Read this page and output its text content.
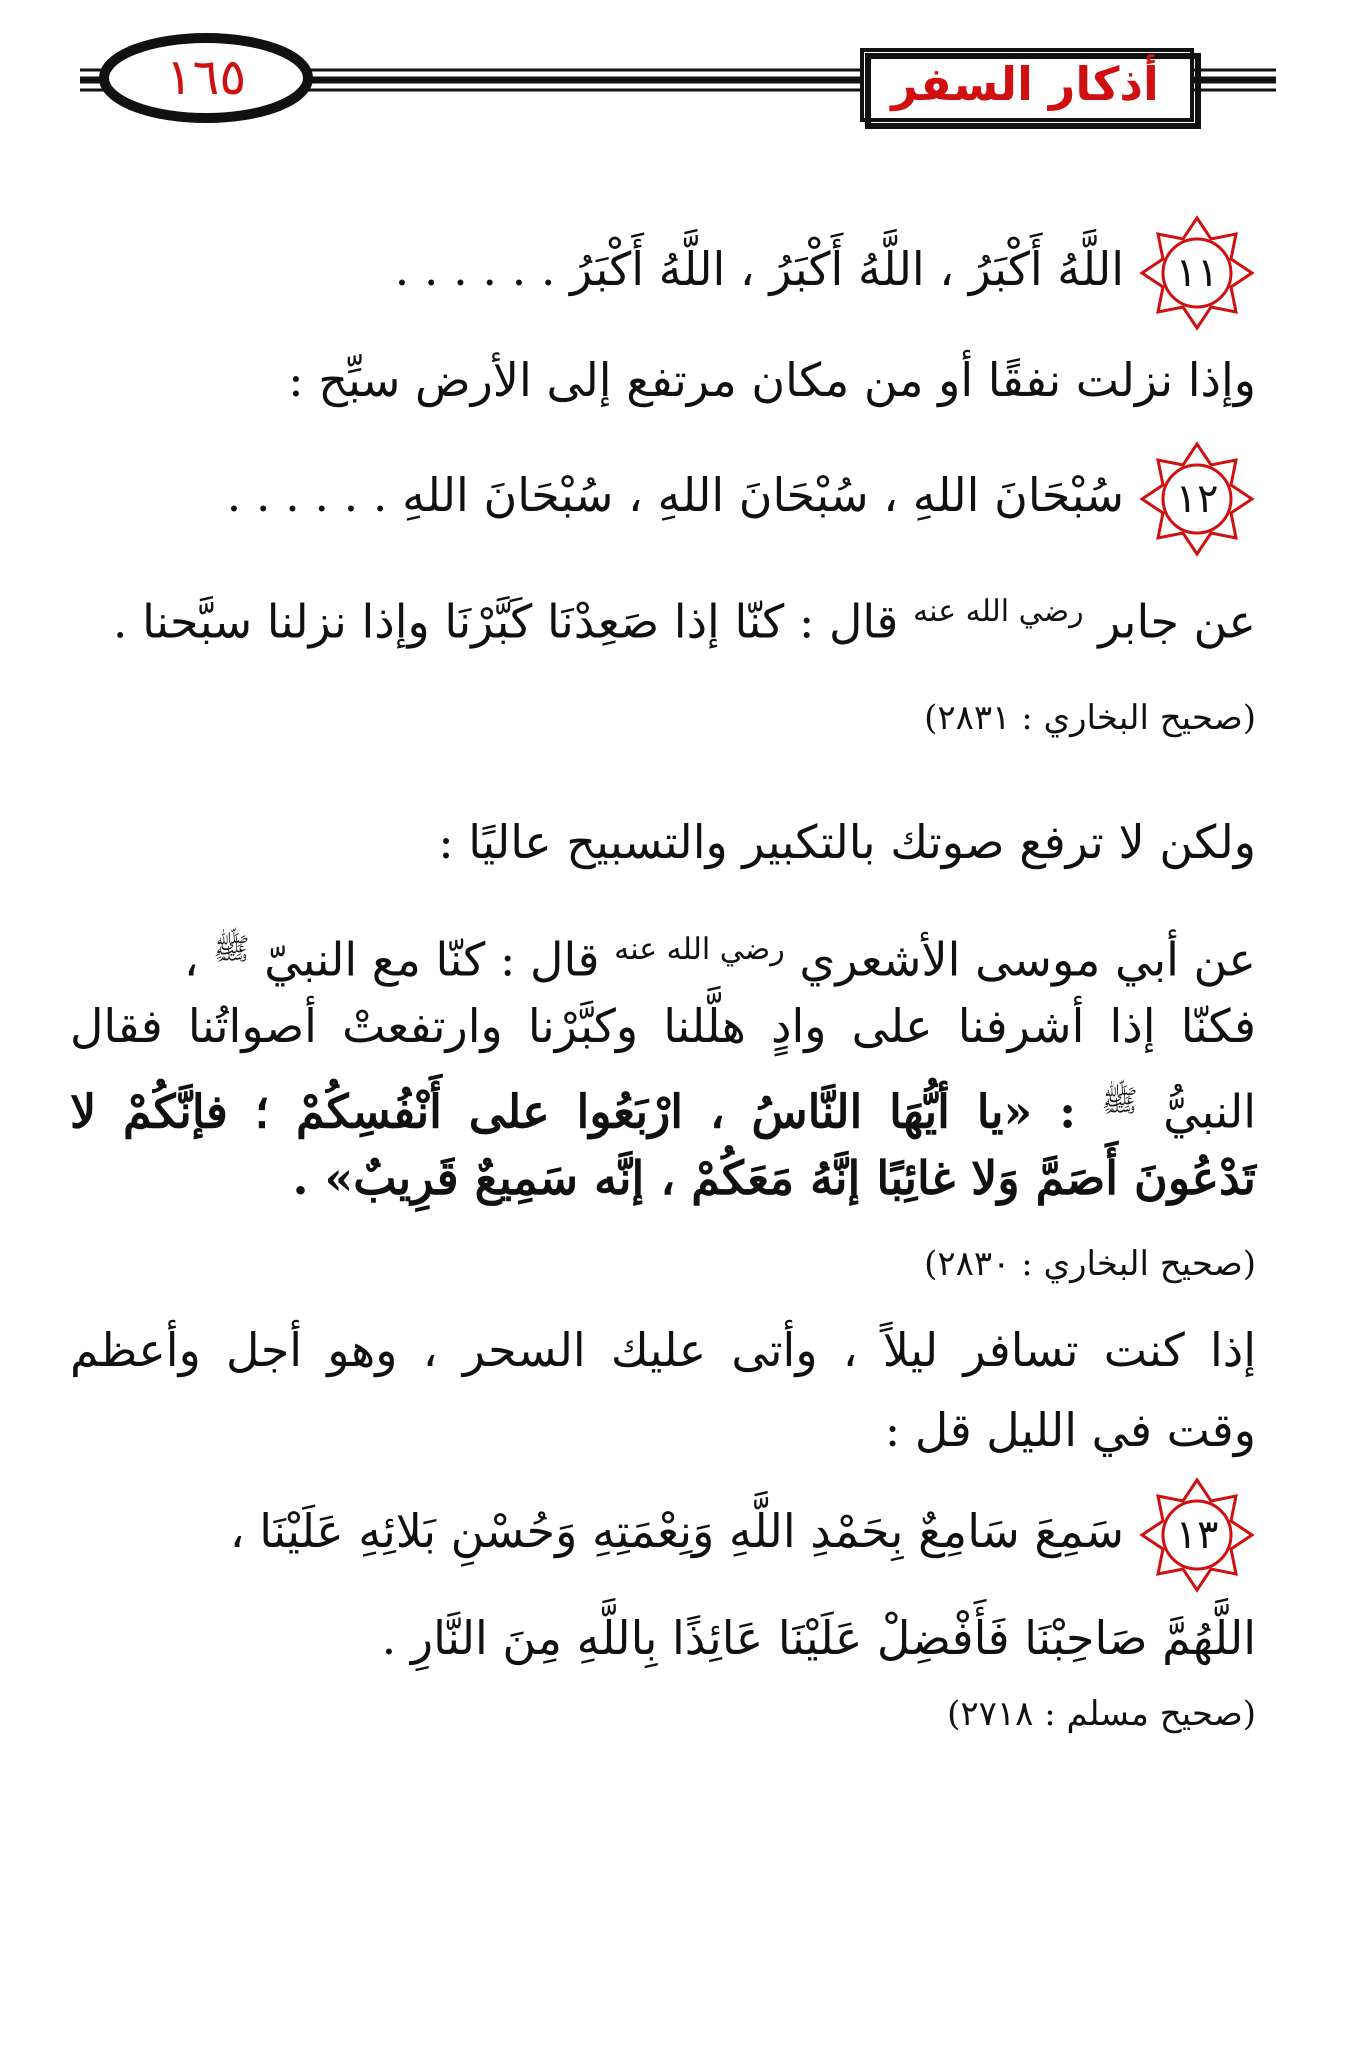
١٦٥	أذكار السفر
١١
اللَّهُ أَكْبَرُ ، اللَّهُ أَكْبَرُ ، اللَّهُ أَكْبَرُ . . . . . .
وإذا نزلت نفقًا أو من مكان مرتفع إلى الأرض سبِّح :
١٢
سُبْحَانَ اللهِ ، سُبْحَانَ اللهِ ، سُبْحَانَ اللهِ . . . . . .
عن جابر $^{رضي الله عنه}$ قال : كنّا إذا صَعِدْنَا كَبَّرْنَا وإذا نزلنا سبَّحنا .
(صحيح البخاري : ٢٨٣١)
ولكن لا ترفع صوتك بالتكبير والتسبيح عاليًا :
عن أبي موسى الأشعري $^{رضي الله عنه}$ قال : كنّا مع النبيّ $^ﷺ$ ،
فكنّا إذا أشرفنا على وادٍ هلَّلنا وكبَّرْنا وارتفعتْ أصواتُنا فقال
النبيُّ $^ﷺ$ : «يا أيُّهَا النَّاسُ ، ارْبَعُوا على أَنْفُسِكُمْ ؛ فإنَّكُمْ لا
تَدْعُونَ أَصَمَّ وَلا غائِبًا إنَّهُ مَعَكُمْ ، إنَّه سَمِيعٌ قَرِيبٌ» .
(صحيح البخاري : ٢٨٣٠)
إذا كنت تسافر ليلاً ، وأتى عليك السحر ، وهو أجل وأعظم
وقت في الليل قل :
١٣
سَمِعَ سَامِعٌ بِحَمْدِ اللَّهِ وَنِعْمَتِهِ وَحُسْنِ بَلائِهِ عَلَيْنَا ،
اللَّهُمَّ صَاحِبْنَا فَأَفْضِلْ عَلَيْنَا عَائِذًا بِاللَّهِ مِنَ النَّارِ .
(صحيح مسلم : ٢٧١٨)
